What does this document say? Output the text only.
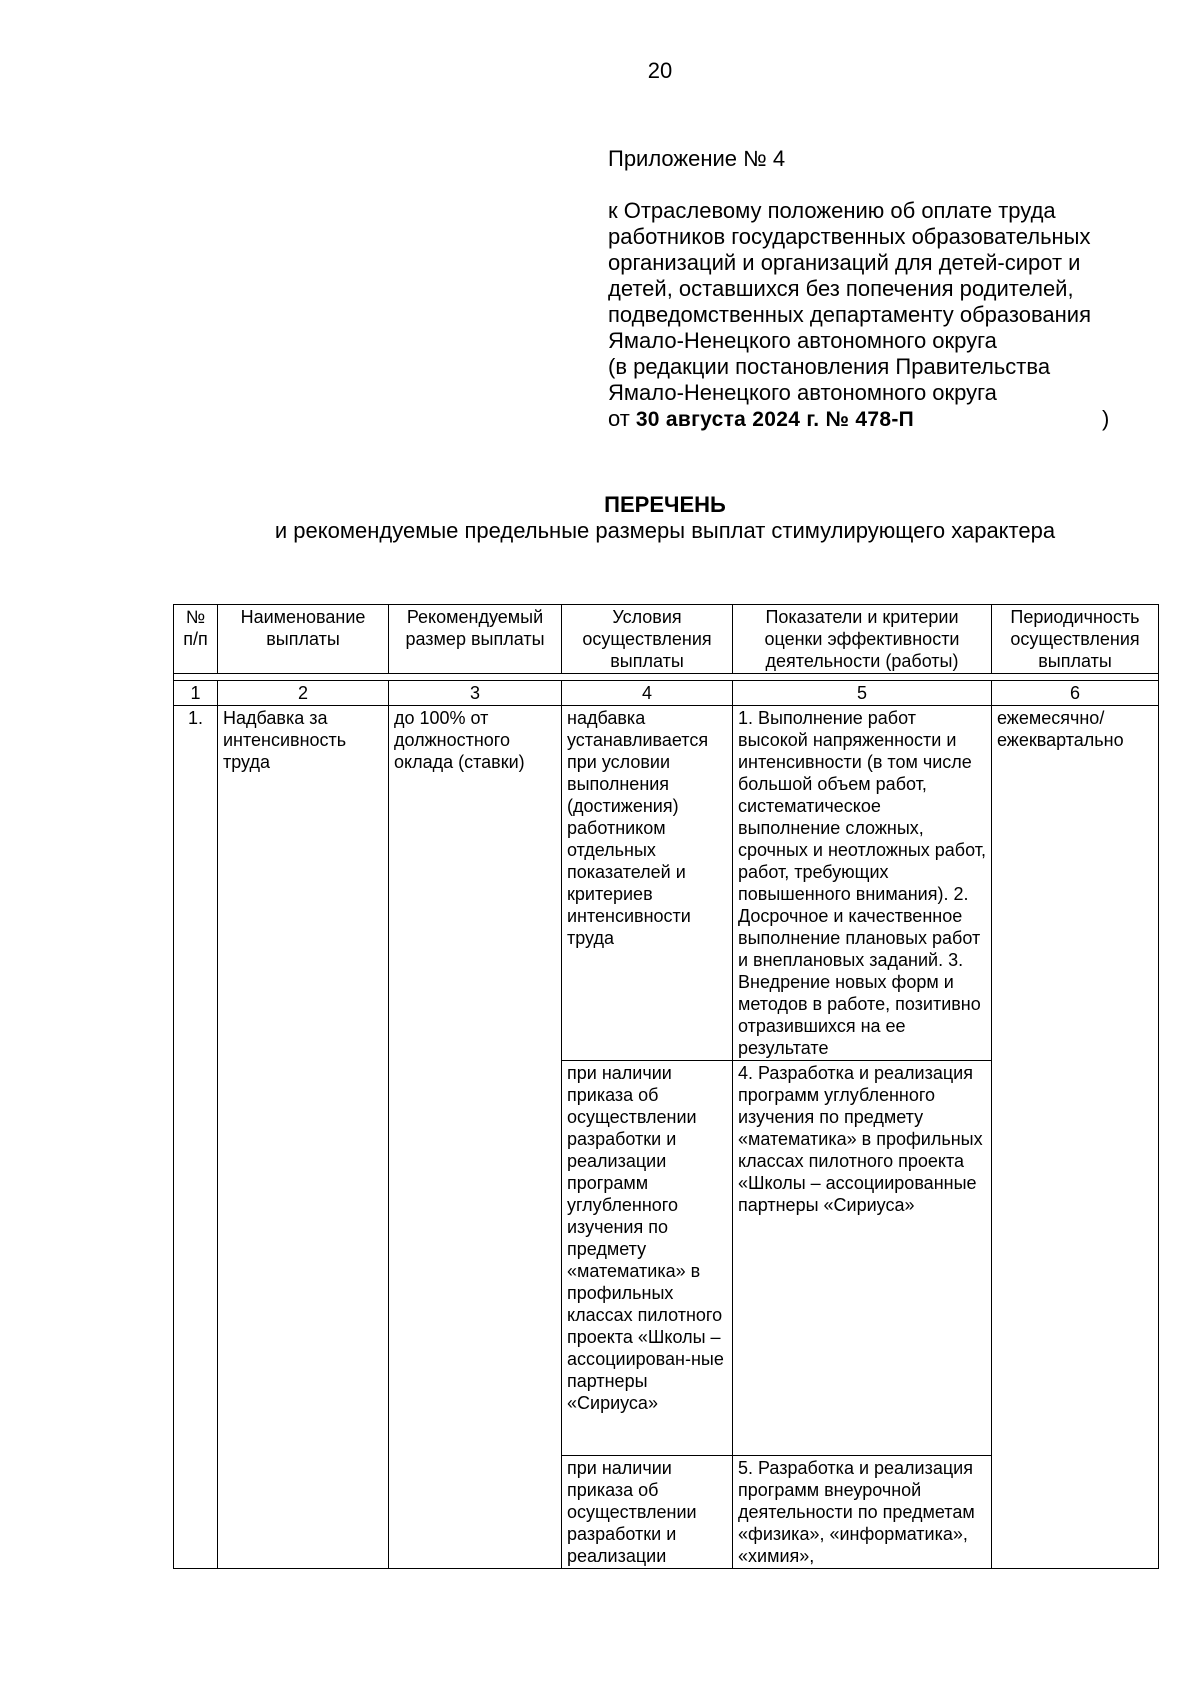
20

Приложение № 4

к Отраслевому положению об оплате труда

работников государственных образовательных

организаций и организаций для детей-сирот и

детей, оставшихся без попечения родителей,

подведомственных департаменту образования

Ямало-Ненецкого автономного округа

(в редакции постановления Правительства

Ямало-Ненецкого автономного округа

от 30 августа 2024 г. № 478-П	)

ПЕРЕЧЕНЬ
и рекомендуемые предельные размеры выплат стимулирующего характера
№ п/п	Наименование выплаты	Рекомендуемый размер выплаты	Условия осуществления выплаты	Показатели и критерии оценки эффективности деятельности (работы)	Периодичность осуществления выплаты

1	2	3	4	5	6
1.	Надбавка за интенсивность труда	до 100% от должностного оклада (ставки)	надбавка устанавливается при условии выполнения (достижения) работником отдельных показателей и критериев интенсивности труда	1. Выполнение работ высокой напряженности и интенсивности (в том числе большой объем работ, систематическое выполнение сложных, срочных и неотложных работ, работ, требующих повышенного внимания). 2. Досрочное и качественное выполнение плановых работ и внеплановых заданий. 3. Внедрение новых форм и методов в работе, позитивно отразившихся на ее результате	ежемесячно/ ежеквартально
			при наличии приказа об осуществлении разработки и реализации программ углубленного изучения по предмету «математика» в профильных классах пилотного проекта «Школы – ассоциирован-ные партнеры «Сириуса»	4. Разработка и реализация программ углубленного изучения по предмету «математика» в профильных классах пилотного проекта «Школы – ассоциированные партнеры «Сириуса»	
			при наличии приказа об осуществлении разработки и реализации	5. Разработка и реализация программ внеурочной деятельности по предметам «физика», «информатика», «химия»,	
